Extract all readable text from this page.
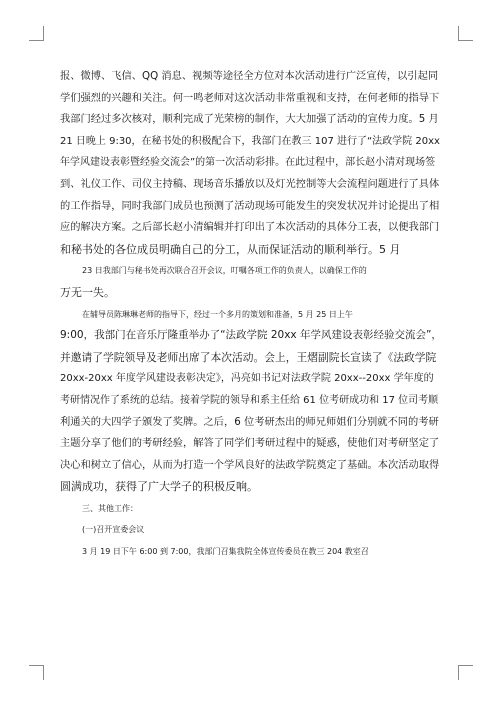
报、微博、飞信、QQ 消息、视频等途径全方位对本次活动进行广泛宣传，以引起同
学们强烈的兴趣和关注。何一鸣老师对这次活动非常重视和支持，在何老师的指导下
我部门经过多次核对，顺利完成了光荣榜的制作，大大加强了活动的宣传力度。5 月
21 日晚上 9:30，在秘书处的积极配合下，我部门在教三 107 进行了“法政学院 20xx
年学风建设表彰暨经验交流会”的第一次活动彩排。在此过程中，部长赵小清对现场签
到、礼仪工作、司仪主持稿、现场音乐播放以及灯光控制等大会流程问题进行了具体
的工作指导，同时我部门成员也预测了活动现场可能发生的突发状况并讨论提出了相
应的解决方案。之后部长赵小清编辑并打印出了本次活动的具体分工表，以便我部门
和秘书处的各位成员明确自己的分工，从而保证活动的顺利举行。5 月
23 日我部门与秘书处再次联合召开会议，叮嘱各项工作的负责人，以确保工作的
万无一失。
在辅导员陈琳琳老师的指导下，经过一个多月的策划和准备，5 月 25 日上午
9:00，我部门在音乐厅隆重举办了“法政学院 20xx 年学风建设表彰经验交流会”，
并邀请了学院领导及老师出席了本次活动。会上，王熠副院长宣读了《法政学院
20xx-20xx 年度学风建设表彰决定》，冯亮如书记对法政学院 20xx--20xx 学年度的
考研情况作了系统的总结。接着学院的领导和系主任给 61 位考研成功和 17 位司考顺
利通关的大四学子颁发了奖牌。之后，6 位考研杰出的师兄师姐们分别就不同的考研
主题分享了他们的考研经验，解答了同学们考研过程中的疑惑，使他们对考研坚定了
决心和树立了信心，从而为打造一个学风良好的法政学院奠定了基础。本次活动取得
圆满成功，获得了广大学子的积极反响。
三、其他工作：
(一)召开宣委会议
3 月 19 日下午 6:00 到 7:00，我部门召集我院全体宣传委员在教三 204 教室召
